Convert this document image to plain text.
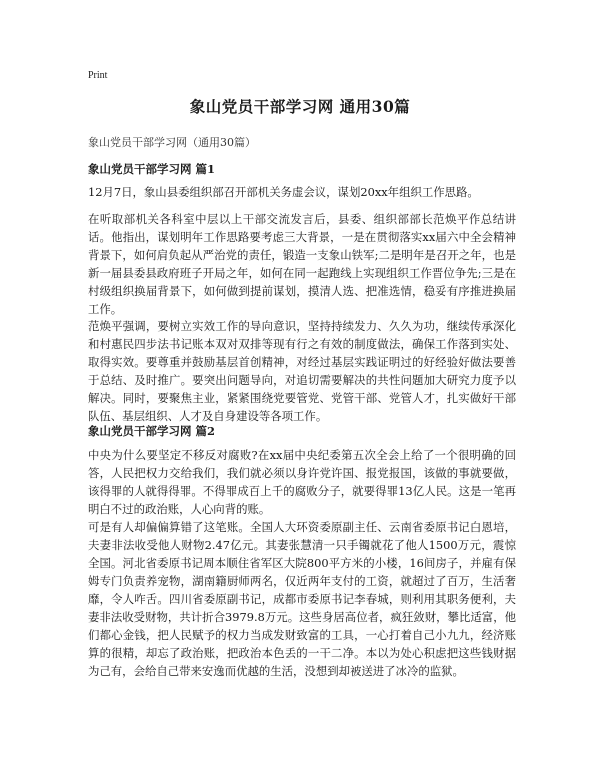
Print
象山党员干部学习网 通用30篇
象山党员干部学习网（通用30篇）
象山党员干部学习网 篇1

12月7日，象山县委组织部召开部机关务虚会议，谋划20xx年组织工作思路。

在听取部机关各科室中层以上干部交流发言后，县委、组织部部长范焕平作总结讲话。他指出，谋划明年工作思路要考虑三大背景，一是在贯彻落实xx届六中全会精神背景下，如何肩负起从严治党的责任，锻造一支象山铁军;二是明年是召开之年，也是新一届县委县政府班子开局之年，如何在同一起跑线上实现组织工作晋位争先;三是在村级组织换届背景下，如何做到提前谋划，摸清人选、把准选情，稳妥有序推进换届工作。

范焕平强调，要树立实效工作的导向意识，坚持持续发力、久久为功，继续传承深化和村惠民四步法书记账本双对双排等现有行之有效的制度做法，确保工作落到实处、取得实效。要尊重并鼓励基层首创精神，对经过基层实践证明过的好经验好做法要善于总结、及时推广。要突出问题导向，对追切需要解决的共性问题加大研究力度予以解决。同时，要聚焦主业，紧紧围绕党要管党、党管干部、党管人才，扎实做好干部队伍、基层组织、人才及自身建设等各项工作。

象山党员干部学习网 篇2

中央为什么要坚定不移反对腐败?在xx届中央纪委第五次全会上给了一个很明确的回答，人民把权力交给我们，我们就必须以身许党许国、报党报国，该做的事就要做，该得罪的人就得得罪。不得罪成百上千的腐败分子，就要得罪13亿人民。这是一笔再明白不过的政治账，人心向背的账。

可是有人却偏偏算错了这笔账。全国人大环资委原副主任、云南省委原书记白恩培，夫妻非法收受他人财物2.47亿元。其妻张慧清一只手镯就花了他人1500万元，震惊全国。河北省委原书记周本顺住省军区大院800平方米的小楼，16间房子，并雇有保姆专门负责养宠物，湖南籍厨师两名，仅近两年支付的工资，就超过了百万，生活奢靡，令人咋舌。四川省委原副书记，成都市委原书记李春城，则利用其职务便利，夫妻非法收受财物，共计折合3979.8万元。这些身居高位者，疯狂敛财，攀比适富，他们都心金钱，把人民赋予的权力当成发财致富的工具，一心打着自己小九九，经济账算的很精，却忘了政治账，把政治本色丢的一干二净。本以为处心积虑把这些钱财据为己有，会给自己带来安逸而优越的生活，没想到却被送进了冰冷的监狱。
